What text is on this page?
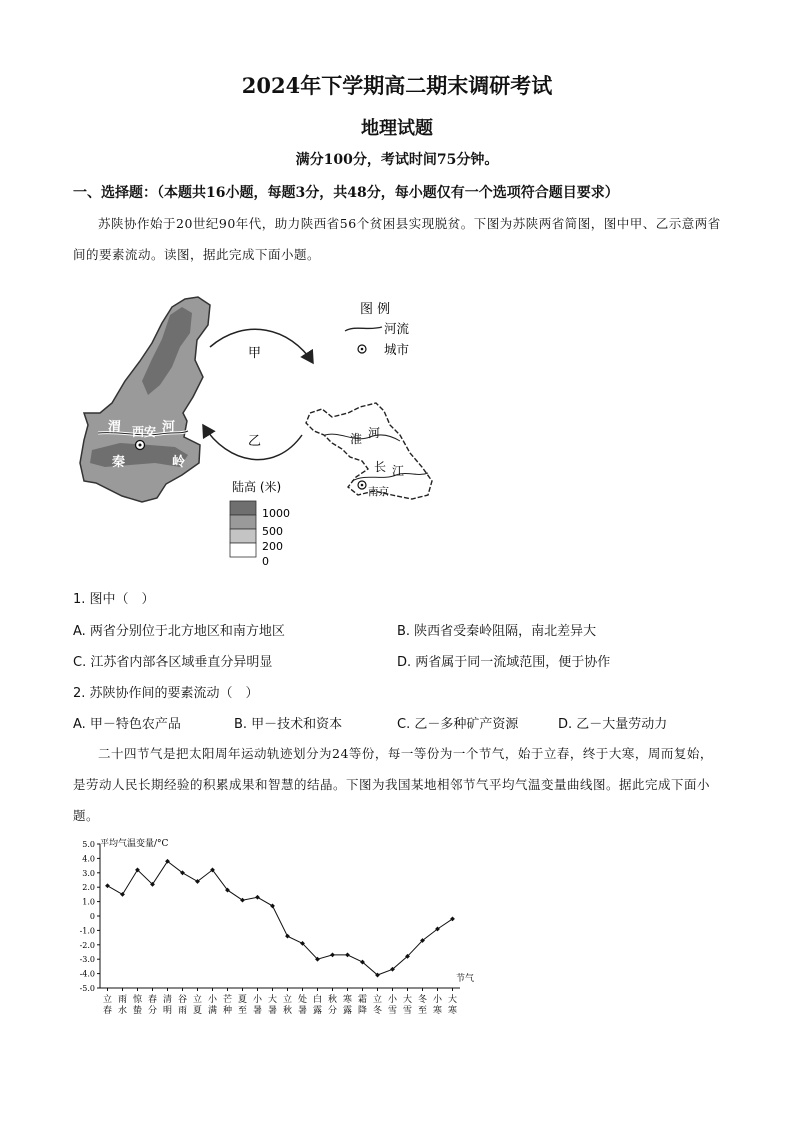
2024年下学期高二期末调研考试
地理试题
满分100分，考试时间75分钟。
一、选择题：（本题共16小题，每题3分，共48分，每小题仅有一个选项符合题目要求）
苏陕协作始于20世纪90年代，助力陕西省56个贫困县实现脱贫。下图为苏陕两省简图，图中甲、乙示意两省间的要素流动。读图，据此完成下面小题。
渭 西安 河
秦	岭
甲
乙
图 例
河流
城市
淮 河
长 江
南京
陆高 (米)
1000
500
200
0
1. 图中（　）
A. 两省分别位于北方地区和南方地区	B. 陕西省受秦岭阻隔，南北差异大
C. 江苏省内部各区域垂直分异明显	D. 两省属于同一流域范围，便于协作
2. 苏陕协作间的要素流动（　）
A. 甲－特色农产品	B. 甲－技术和资本	C. 乙－多种矿产资源	D. 乙－大量劳动力
二十四节气是把太阳周年运动轨迹划分为24等份，每一等份为一个节气，始于立春，终于大寒，周而复始，是劳动人民长期经验的积累成果和智慧的结晶。下图为我国某地相邻节气平均气温变量曲线图。据此完成下面小题。
5.0
4.0
3.0
2.0
1.0
0
-1.0
-2.0
-3.0
-4.0
-5.0
立春
雨水
惊蛰
春分
清明
谷雨
立夏
小满
芒种
夏至
小暑
大暑
立秋
处暑
白露
秋分
寒露
霜降
立冬
小雪
大雪
冬至
小寒
大寒
平均气温变量/°C
节气
